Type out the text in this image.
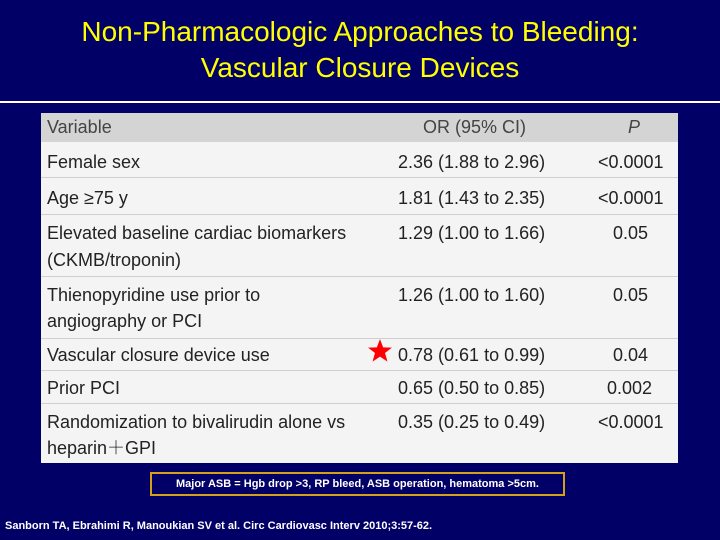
Non-Pharmacologic Approaches to Bleeding:
Vascular Closure Devices
Variable	OR (95% CI)	P
Female sex	2.36 (1.88 to 2.96)	<0.0001
Age ≥75 y	1.81 (1.43 to 2.35)	<0.0001
Elevated baseline cardiac biomarkers
(CKMB/troponin)
1.29 (1.00 to 1.66)	0.05
Thienopyridine use prior to
angiography or PCI
1.26 (1.00 to 1.60)	0.05
Vascular closure device use	0.78 (0.61 to 0.99)	0.04
Prior PCI	0.65 (0.50 to 0.85)	0.002
Randomization to bivalirudin alone vs
heparin＋GPI
0.35 (0.25 to 0.49)	<0.0001
Major ASB = Hgb drop >3, RP bleed, ASB operation, hematoma >5cm.
Sanborn TA, Ebrahimi R, Manoukian SV et al. Circ Cardiovasc Interv 2010;3:57-62.
